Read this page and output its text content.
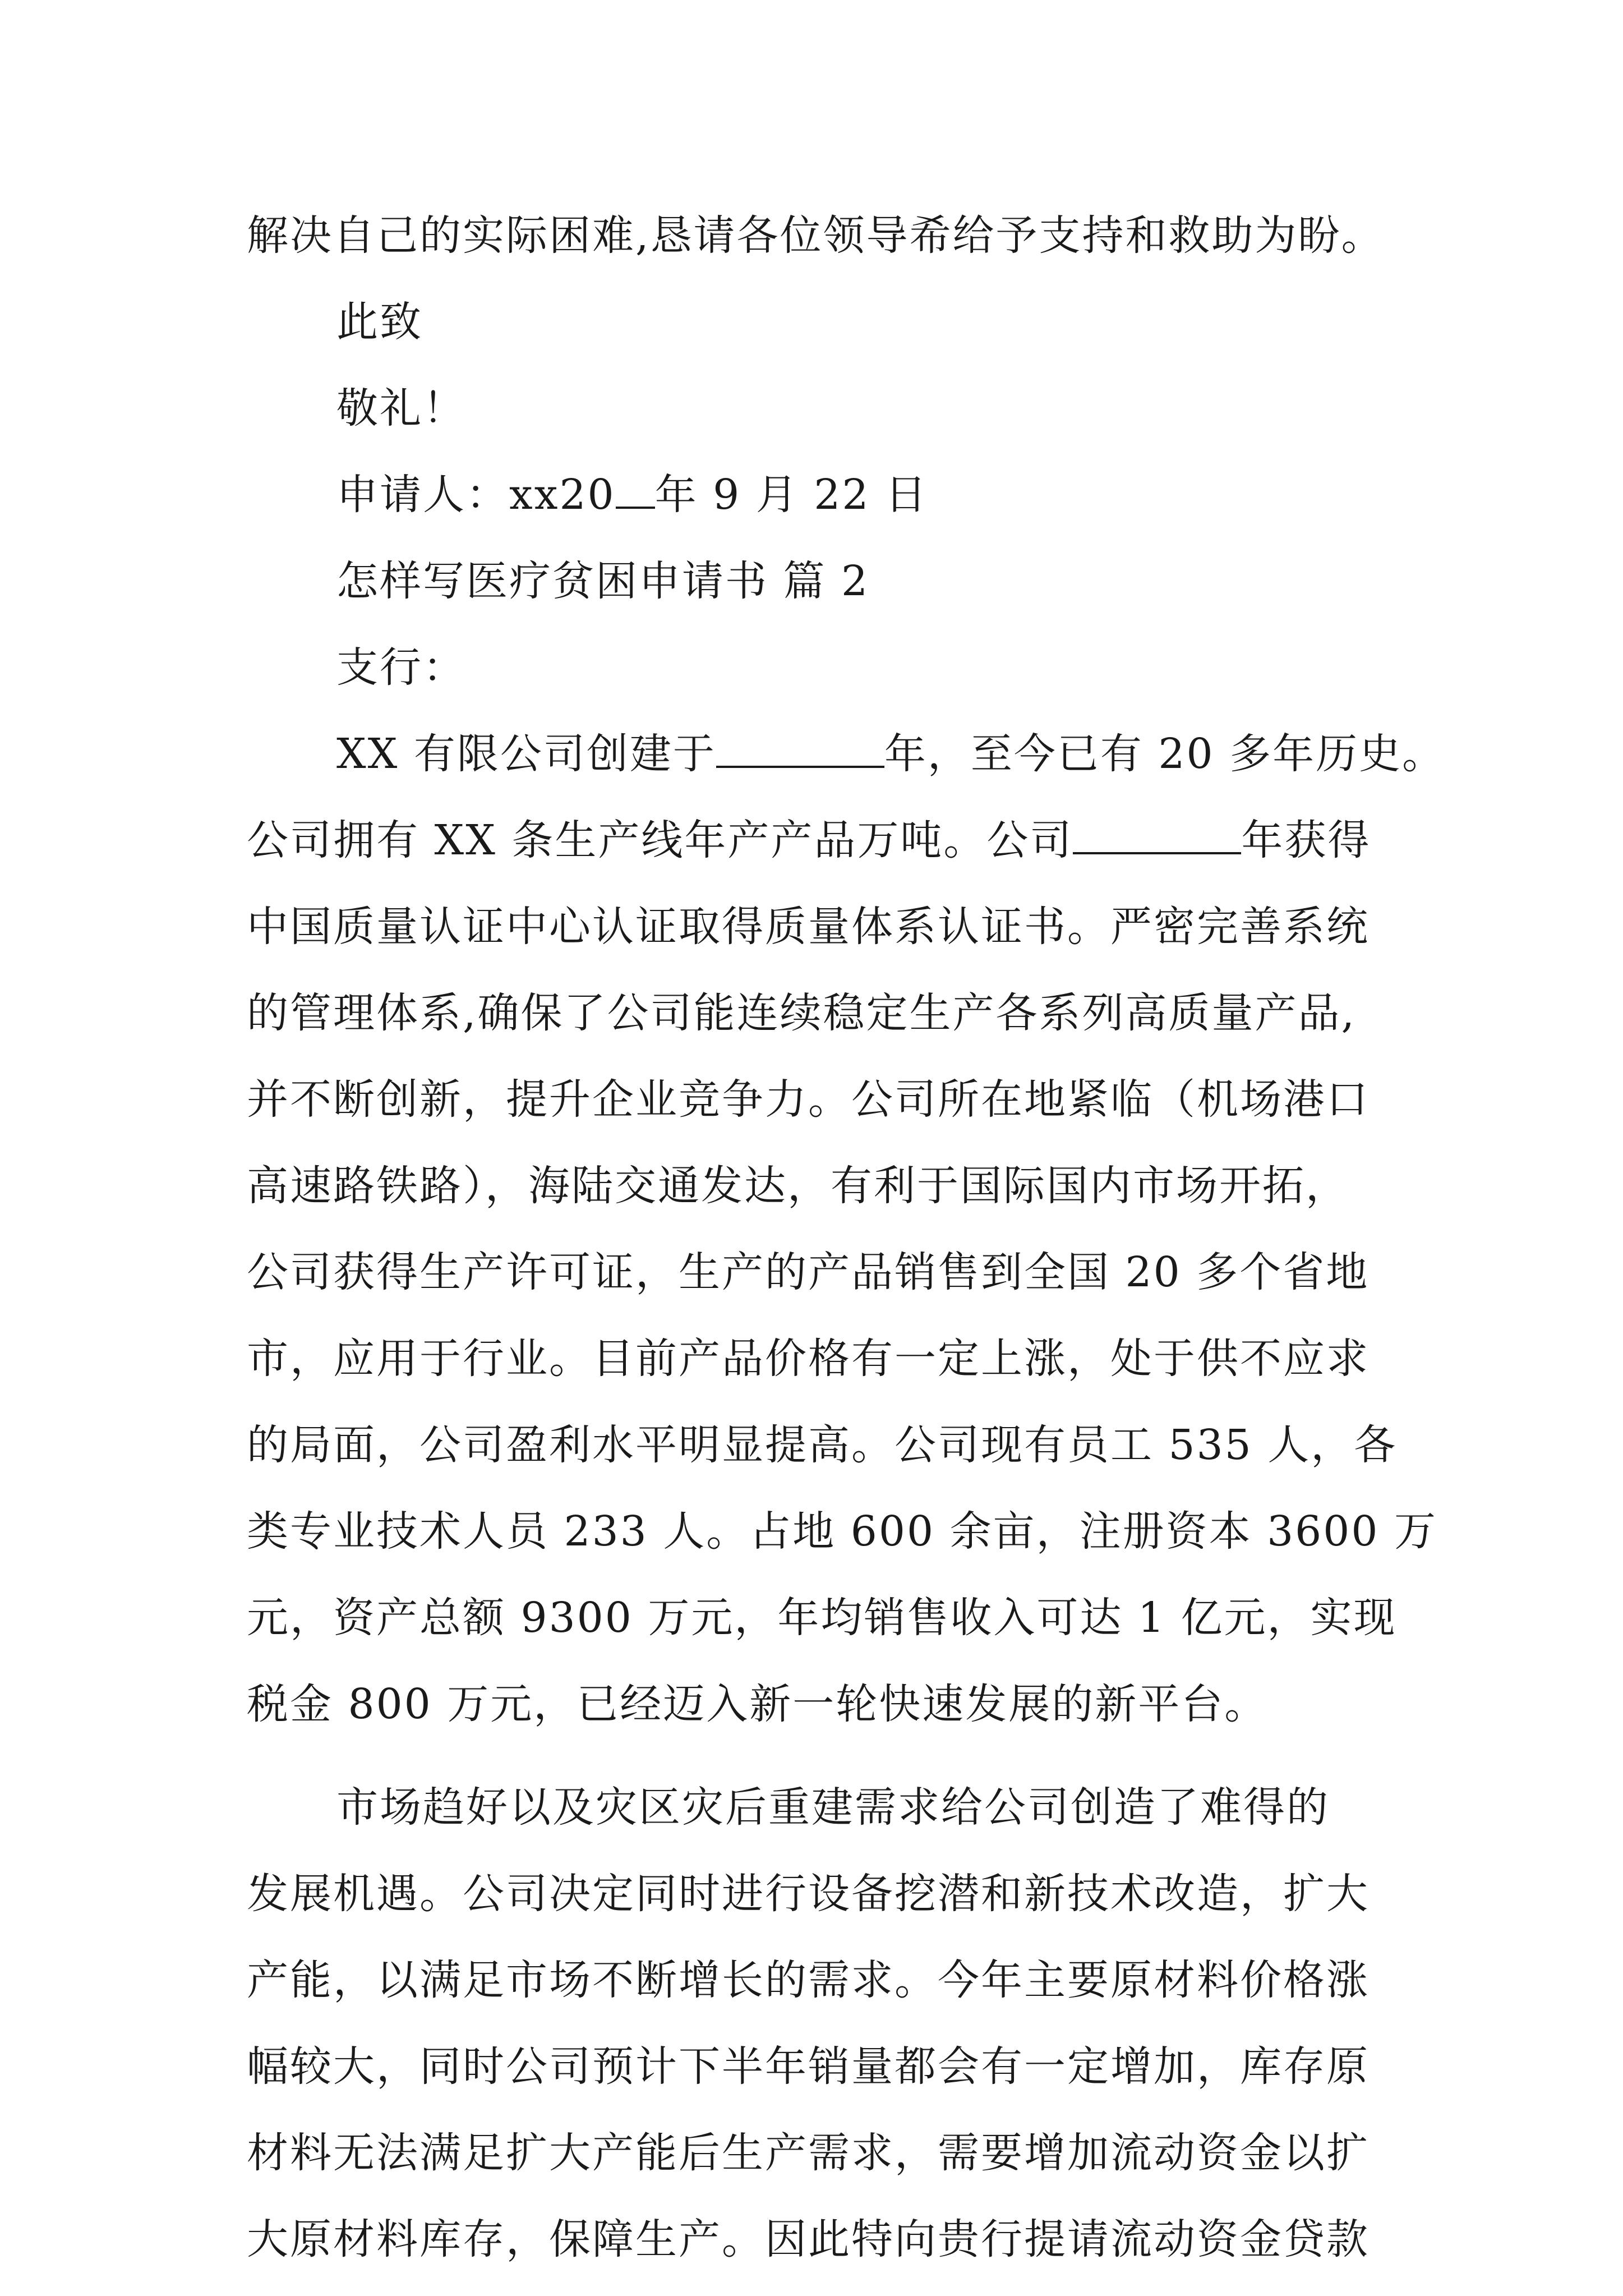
解决自己的实际困难,恳请各位领导希给予支持和救助为盼。
此致
敬礼！
申请人：xx20 年 9 月 22 日
怎样写医疗贫困申请书 篇 2
支行：
XX 有限公司创建于	年，至今已有 20 多年历史。
公司拥有 XX 条生产线年产产品万吨。公司	年获得
中国质量认证中心认证取得质量体系认证书。严密完善系统
的管理体系,确保了公司能连续稳定生产各系列高质量产品,
并不断创新，提升企业竞争力。公司所在地紧临（机场港口
高速路铁路），海陆交通发达，有利于国际国内市场开拓，
公司获得生产许可证，生产的产品销售到全国 20 多个省地
市，应用于行业。目前产品价格有一定上涨，处于供不应求
的局面，公司盈利水平明显提高。公司现有员工 535 人，各
类专业技术人员 233 人。占地 600 余亩，注册资本 3600 万
元，资产总额 9300 万元，年均销售收入可达 1 亿元，实现
税金 800 万元，已经迈入新一轮快速发展的新平台。
市场趋好以及灾区灾后重建需求给公司创造了难得的
发展机遇。公司决定同时进行设备挖潜和新技术改造，扩大
产能，以满足市场不断增长的需求。今年主要原材料价格涨
幅较大，同时公司预计下半年销量都会有一定增加，库存原
材料无法满足扩大产能后生产需求，需要增加流动资金以扩
大原材料库存，保障生产。因此特向贵行提请流动资金贷款
